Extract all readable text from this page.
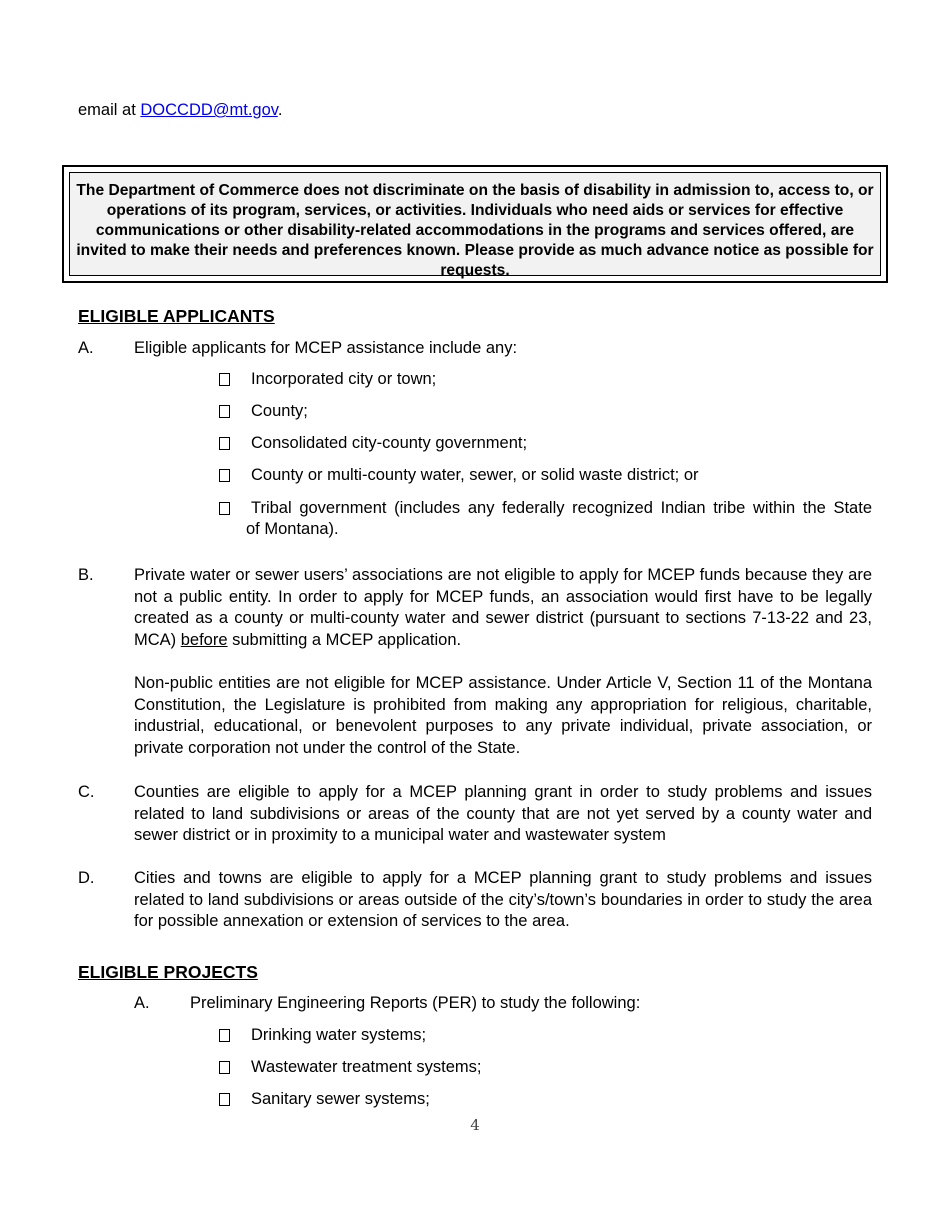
email at DOCCDD@mt.gov.
The Department of Commerce does not discriminate on the basis of disability in admission to, access to, or operations of its program, services, or activities. Individuals who need aids or services for effective communications or other disability-related accommodations in the programs and services offered, are invited to make their needs and preferences known. Please provide as much advance notice as possible for requests.
ELIGIBLE APPLICANTS
A. Eligible applicants for MCEP assistance include any:
Incorporated city or town;
County;
Consolidated city-county government;
County or multi-county water, sewer, or solid waste district; or
Tribal government (includes any federally recognized Indian tribe within the State
of Montana).
B. Private water or sewer users’ associations are not eligible to apply for MCEP funds because they are not a public entity. In order to apply for MCEP funds, an association would first have to be legally created as a county or multi-county water and sewer district (pursuant to sections 7-13-22 and 23, MCA) before submitting a MCEP application.
Non-public entities are not eligible for MCEP assistance. Under Article V, Section 11 of the Montana Constitution, the Legislature is prohibited from making any appropriation for religious, charitable, industrial, educational, or benevolent purposes to any private individual, private association, or private corporation not under the control of the State.
C. Counties are eligible to apply for a MCEP planning grant in order to study problems and issues related to land subdivisions or areas of the county that are not yet served by a county water and sewer district or in proximity to a municipal water and wastewater system
D. Cities and towns are eligible to apply for a MCEP planning grant to study problems and issues related to land subdivisions or areas outside of the city’s/town’s boundaries in order to study the area for possible annexation or extension of services to the area.
ELIGIBLE PROJECTS
A. Preliminary Engineering Reports (PER) to study the following:
Drinking water systems;
Wastewater treatment systems;
Sanitary sewer systems;
4
